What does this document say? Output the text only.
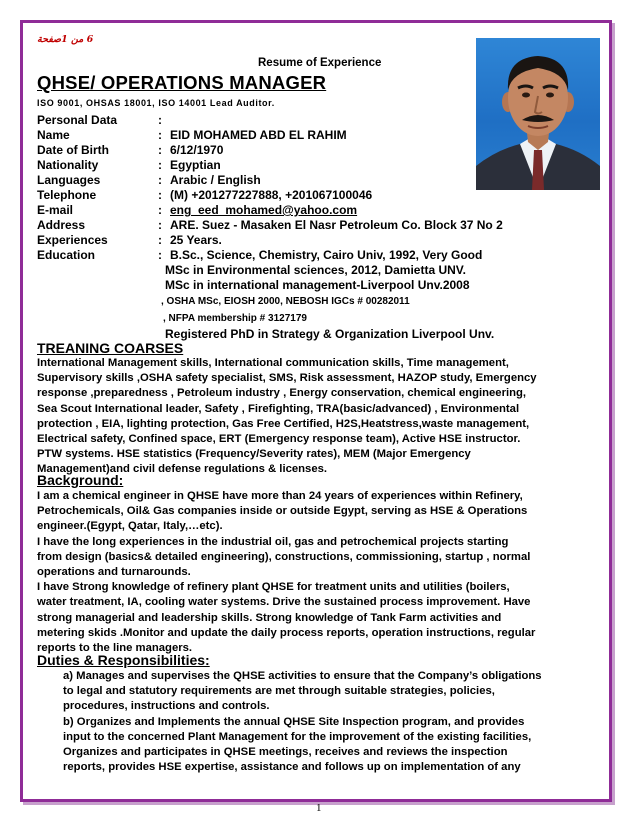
6 من 1صفحة
Resume of Experience
QHSE/ OPERATIONS MANAGER
ISO 9001, OHSAS 18001, ISO 14001 Lead Auditor.
Personal Data	:
Name	: EID MOHAMED ABD EL RAHIM
Date of Birth	: 6/12/1970
Nationality	: Egyptian
Languages	: Arabic / English
Telephone	: (M) +201277227888, +201067100046
E-mail	: eng_eed_mohamed@yahoo.com
Address	: ARE. Suez - Masaken El Nasr Petroleum Co. Block 37 No 2
Experiences	: 25 Years.
Education	: B.Sc., Science, Chemistry, Cairo Univ, 1992, Very Good
MSc in Environmental sciences, 2012, Damietta UNV.
MSc in international management-Liverpool Unv.2008
, OSHA MSc, EIOSH 2000, NEBOSH IGCs # 00282011
, NFPA membership # 3127179
Registered PhD in Strategy & Organization Liverpool Unv.
TREANING COARSES
International Management skills, International communication skills, Time management,
Supervisory skills ,OSHA safety specialist, SMS, Risk assessment, HAZOP study, Emergency
response ,preparedness , Petroleum industry , Energy conservation, chemical engineering,
Sea Scout International leader, Safety , Firefighting, TRA(basic/advanced) , Environmental
protection , EIA, lighting protection, Gas Free Certified, H2S,Heatstress,waste management,
Electrical safety, Confined space, ERT (Emergency response team), Active HSE instructor.
PTW systems. HSE statistics (Frequency/Severity rates), MEM (Major Emergency
Management)and civil defense regulations & licenses.
Background:
I am a chemical engineer in QHSE have more than 24 years of experiences within Refinery,
Petrochemicals, Oil& Gas companies inside or outside Egypt, serving as HSE & Operations
engineer.(Egypt, Qatar, Italy,…etc).
I have the long experiences in the industrial oil, gas and petrochemical projects starting
from design (basics& detailed engineering), constructions, commissioning, startup , normal
operations and turnarounds.
I have Strong knowledge of refinery plant QHSE for treatment units and utilities (boilers,
water treatment, IA, cooling water systems. Drive the sustained process improvement. Have
strong managerial and leadership skills. Strong knowledge of Tank Farm activities and
metering skids .Monitor and update the daily process reports, operation instructions, regular
reports to the line managers.
Duties & Responsibilities:
a) Manages and supervises the QHSE activities to ensure that the Company’s obligations
to legal and statutory requirements are met through suitable strategies, policies,
procedures, instructions and controls.
b) Organizes and Implements the annual QHSE Site Inspection program, and provides
input to the concerned Plant Management for the improvement of the existing facilities,
Organizes and participates in QHSE meetings, receives and reviews the inspection
reports, provides HSE expertise, assistance and follows up on implementation of any
1
